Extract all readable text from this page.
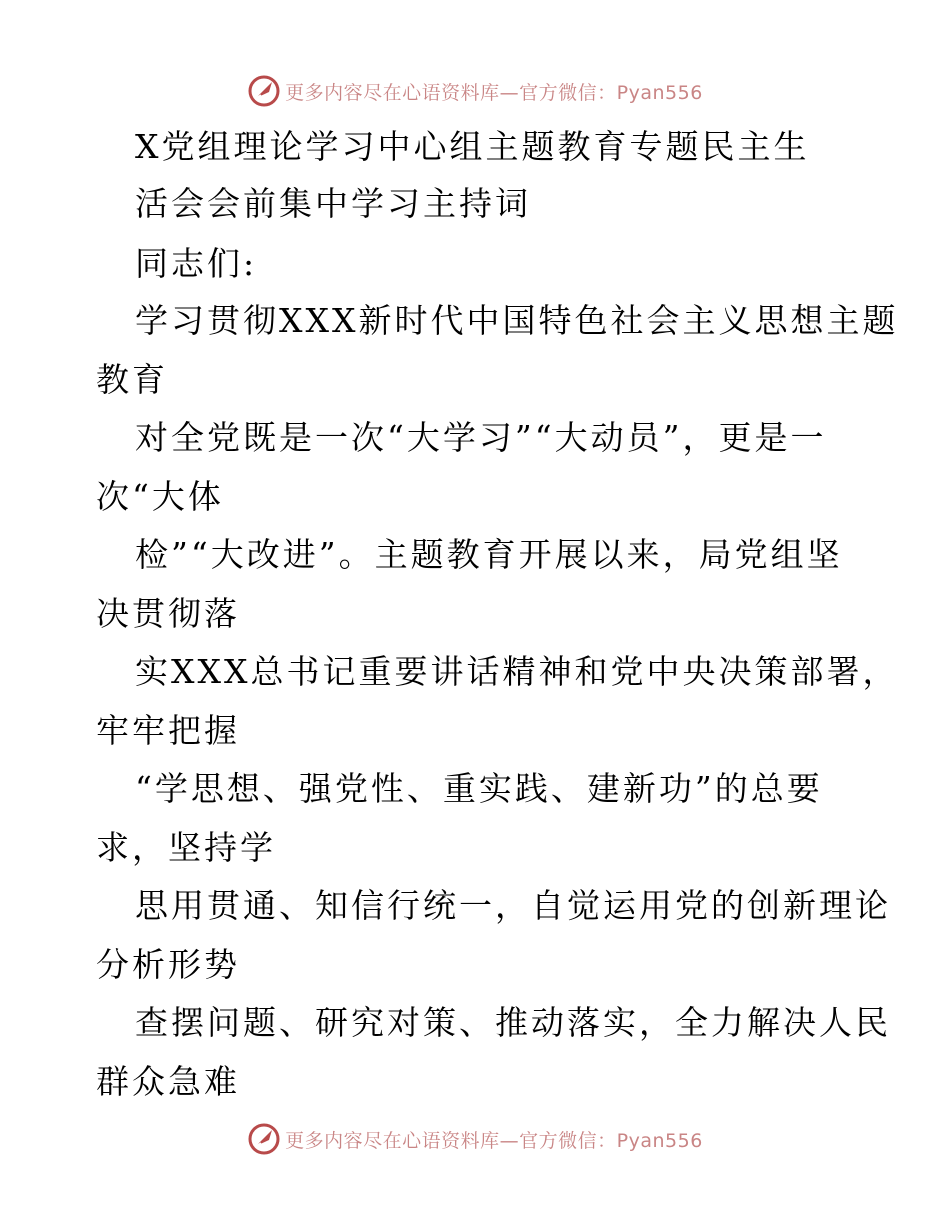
更多内容尽在心语资料库—官方微信：Pyan556
X党组理论学习中心组主题教育专题民主生
活会会前集中学习主持词
同志们:
学习贯彻XXX新时代中国特色社会主义思想主题
教育
对全党既是一次“大学习”“大动员”，更是一
次“大体
检”“大改进”。主题教育开展以来，局党组坚
决贯彻落
实XXX总书记重要讲话精神和党中央决策部署，
牢牢把握
“学思想、强党性、重实践、建新功”的总要
求，坚持学
思用贯通、知信行统一，自觉运用党的创新理论
分析形势
查摆问题、研究对策、推动落实，全力解决人民
群众急难
更多内容尽在心语资料库—官方微信：Pyan556
